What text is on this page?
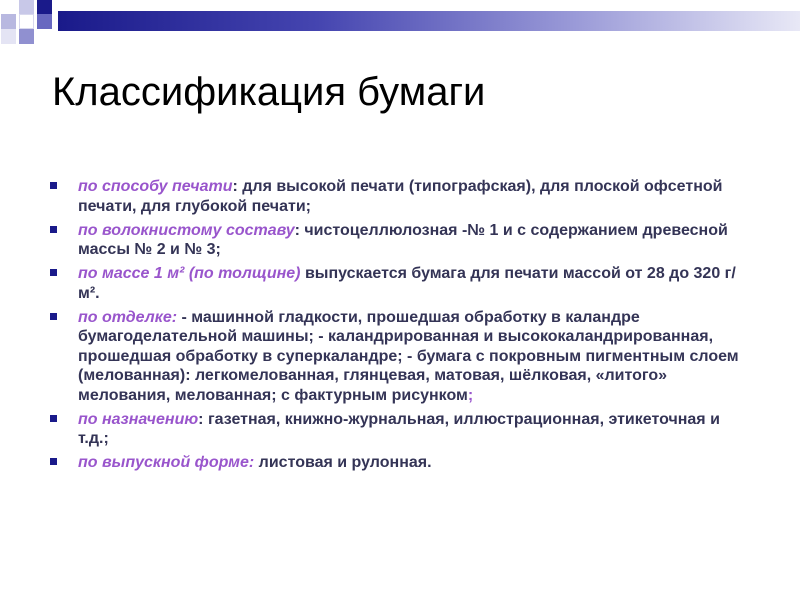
Классификация бумаги
по способу печати: для высокой печати (типографская), для плоской офсетной печати, для глубокой печати;
по волокнистому составу: чистоцеллюлозная -№ 1 и с содержанием древесной массы № 2 и № 3;
по массе 1 м² (по толщине) выпускается бумага для печати массой от 28 до 320 г/м².
по отделке: - машинной гладкости, прошедшая обработку в каландре бумагоделательной машины; - каландрированная и высококаландрированная, прошедшая обработку в суперкаландре; - бумага с покровным пигментным слоем (мелованная): легкомелованная, глянцевая, матовая, шёлковая, «литого» мелования, мелованная; с фактурным рисунком;
по назначению: газетная, книжно-журнальная, иллюстрационная, этикеточная и т.д.;
по выпускной форме: листовая и рулонная.
